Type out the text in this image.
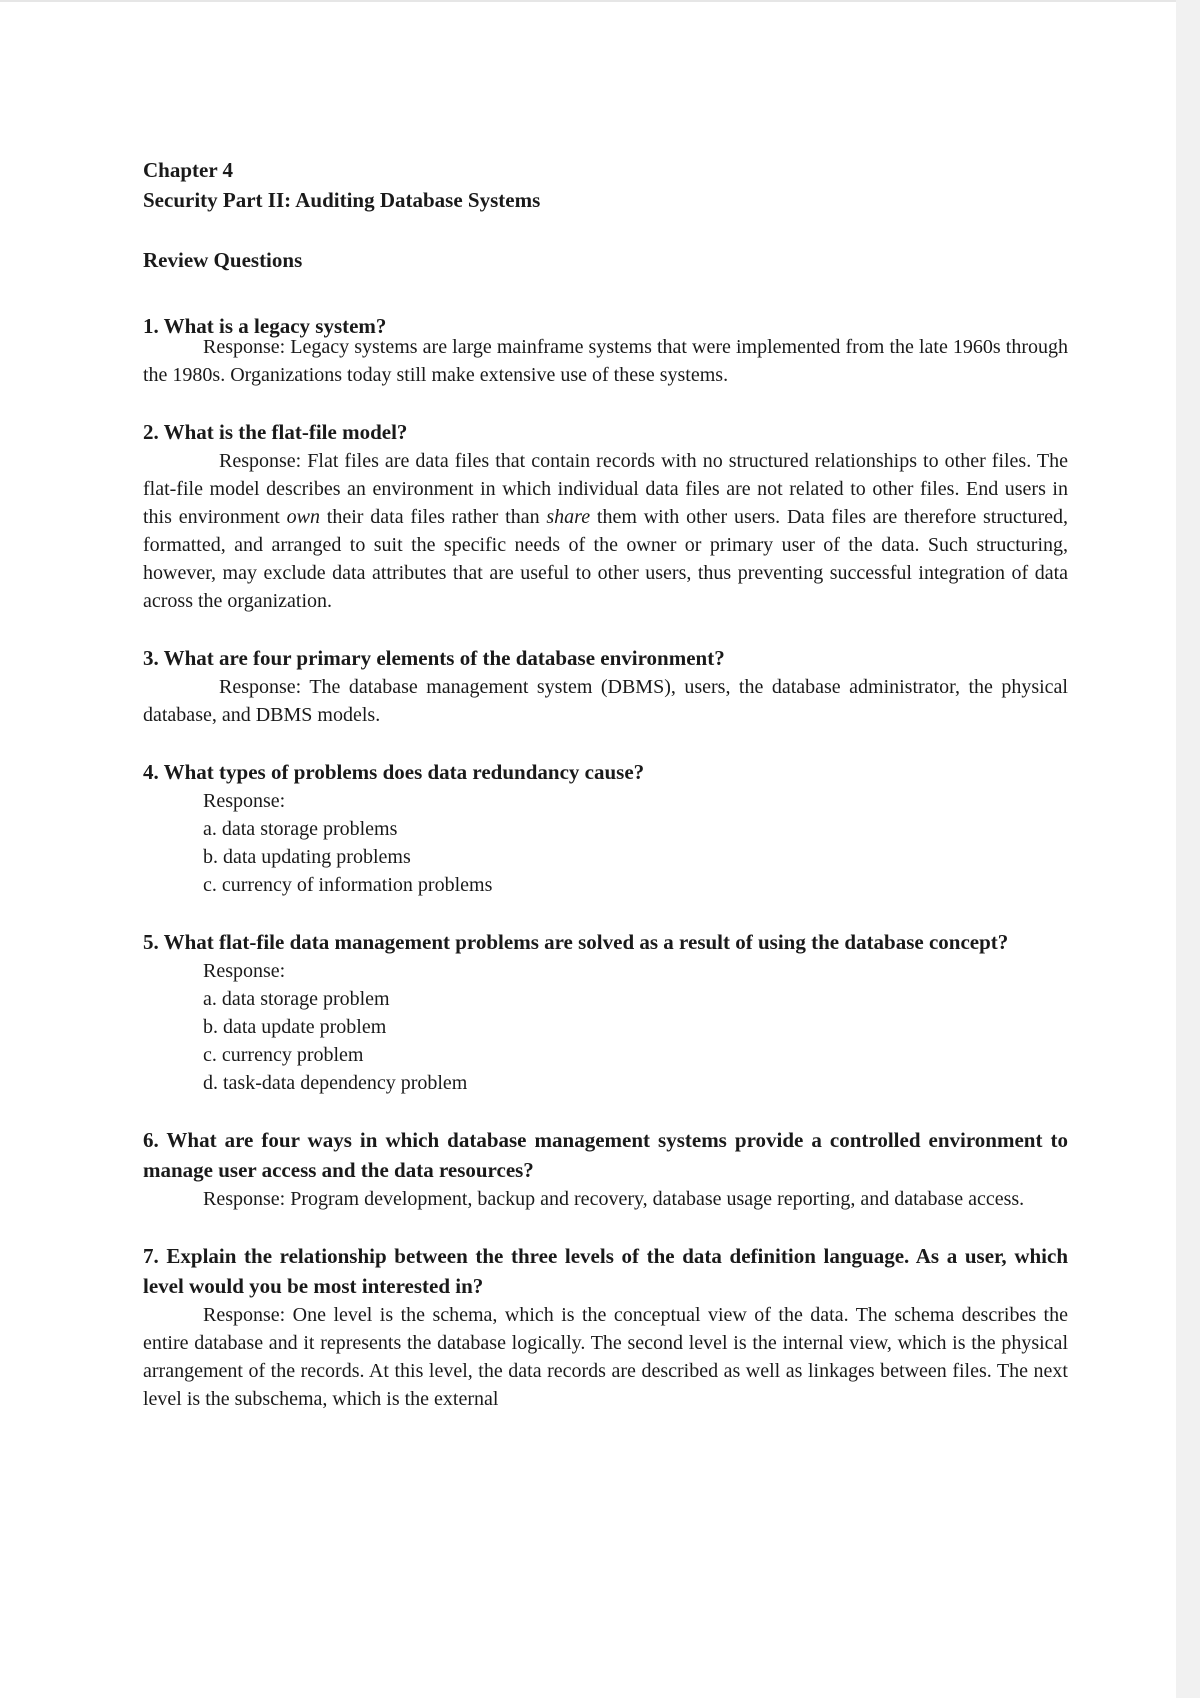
Chapter 4

Security Part II: Auditing Database Systems

Review Questions

1. What is a legacy system?

Response: Legacy systems are large mainframe systems that were implemented from the late 1960s through the 1980s. Organizations today still make extensive use of these systems.

2. What is the flat-file model?

Response: Flat files are data files that contain records with no structured relationships to other files. The flat-file model describes an environment in which individual data files are not related to other files. End users in this environment own their data files rather than share them with other users. Data files are therefore structured, formatted, and arranged to suit the specific needs of the owner or primary user of the data. Such structuring, however, may exclude data attributes that are useful to other users, thus preventing successful integration of data across the organization.

3. What are four primary elements of the database environment?

Response: The database management system (DBMS), users, the database administrator, the physical database, and DBMS models.

4. What types of problems does data redundancy cause?

Response:

a. data storage problems
b. data updating problems
c. currency of information problems

5. What flat-file data management problems are solved as a result of using the database concept?

Response:

a. data storage problem
b. data update problem
c. currency problem
d. task-data dependency problem

6. What are four ways in which database management systems provide a controlled environment to manage user access and the data resources?

Response: Program development, backup and recovery, database usage reporting, and database access.

7. Explain the relationship between the three levels of the data definition language. As a user, which level would you be most interested in?

Response: One level is the schema, which is the conceptual view of the data. The schema describes the entire database and it represents the database logically. The second level is the internal view, which is the physical arrangement of the records. At this level, the data records are described as well as linkages between files. The next level is the subschema, which is the external
